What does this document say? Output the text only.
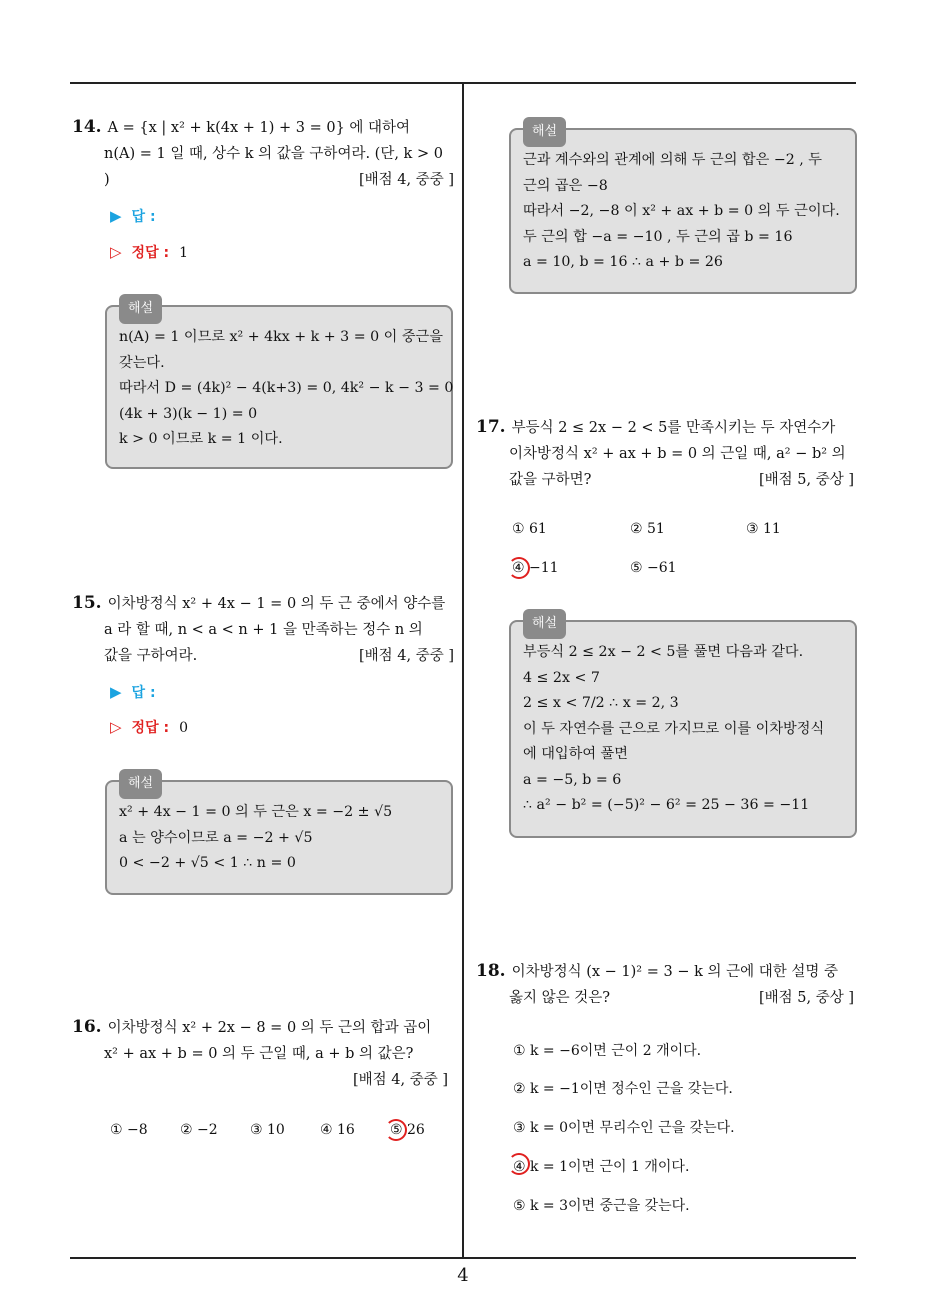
14. A = {x | x² + k(4x + 1) + 3 = 0} 에 대하여
n(A) = 1 일 때, 상수 k 의 값을 구하여라. (단, k > 0
)	[배점 4, 중중 ]
▶ 답 :
▷ 정답 : 1
해설
n(A) = 1 이므로 x² + 4kx + k + 3 = 0 이 중근을
갖는다.
따라서 D = (4k)² − 4(k+3) = 0, 4k² − k − 3 = 0
(4k + 3)(k − 1) = 0
k > 0 이므로 k = 1 이다.
15. 이차방정식 x² + 4x − 1 = 0 의 두 근 중에서 양수를
a 라 할 때, n < a < n + 1 을 만족하는 정수 n 의
값을 구하여라.	[배점 4, 중중 ]
▶ 답 :
▷ 정답 : 0
해설
x² + 4x − 1 = 0 의 두 근은 x = −2 ± √5
a 는 양수이므로 a = −2 + √5
0 < −2 + √5 < 1 ∴ n = 0
16. 이차방정식 x² + 2x − 8 = 0 의 두 근의 합과 곱이
x² + ax + b = 0 의 두 근일 때, a + b 의 값은?
[배점 4, 중중 ]
① −8 ② −2 ③ 10	④ 16	⑤ 26
해설
근과 계수와의 관계에 의해 두 근의 합은 −2 , 두
근의 곱은 −8
따라서 −2, −8 이 x² + ax + b = 0 의 두 근이다.
두 근의 합 −a = −10 , 두 근의 곱 b = 16
a = 10, b = 16 ∴ a + b = 26
17. 부등식 2 ≤ 2x − 2 < 5를 만족시키는 두 자연수가
이차방정식 x² + ax + b = 0 의 근일 때, a² − b² 의
값을 구하면?	[배점 5, 중상 ]
① 61	② 51	③ 11
④ −11	⑤ −61
해설
부등식 2 ≤ 2x − 2 < 5를 풀면 다음과 같다.
4 ≤ 2x < 7
2 ≤ x < 7/2 ∴ x = 2, 3
이 두 자연수를 근으로 가지므로 이를 이차방정식
에 대입하여 풀면
a = −5, b = 6
∴ a² − b² = (−5)² − 6² = 25 − 36 = −11
18. 이차방정식 (x − 1)² = 3 − k 의 근에 대한 설명 중
옳지 않은 것은?	[배점 5, 중상 ]
① k = −6이면 근이 2 개이다.
② k = −1이면 정수인 근을 갖는다.
③ k = 0이면 무리수인 근을 갖는다.
④ k = 1이면 근이 1 개이다.
⑤ k = 3이면 중근을 갖는다.
4
